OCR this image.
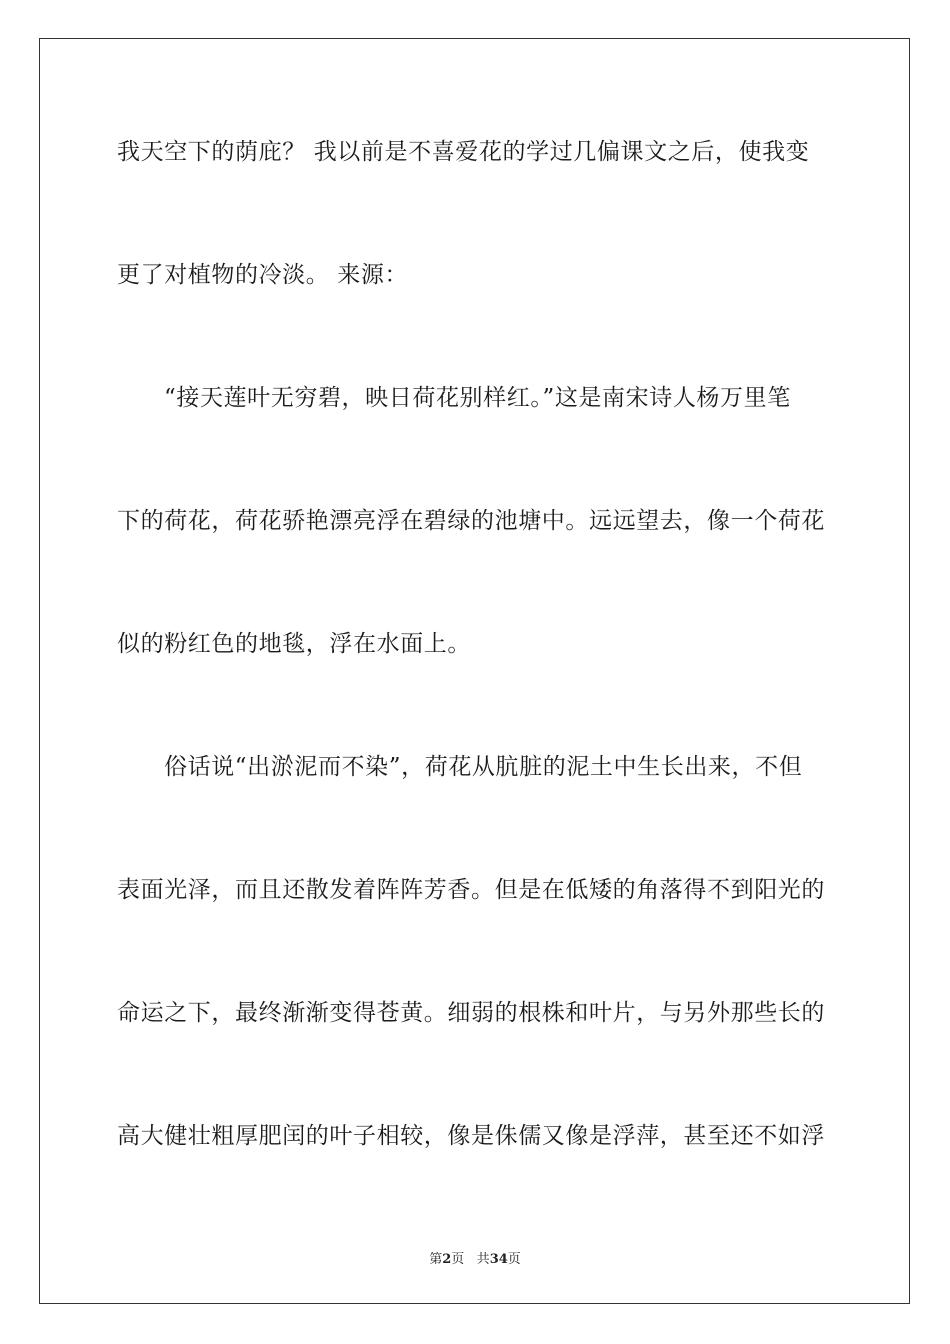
我天空下的荫庇？ 我以前是不喜爱花的学过几偏课文之后，使我变
更了对植物的冷淡。 来源：
“接天莲叶无穷碧，映日荷花别样红。”这是南宋诗人杨万里笔
下的荷花，荷花骄艳漂亮浮在碧绿的池塘中。远远望去，像一个荷花
似的粉红色的地毯，浮在水面上。
俗话说“出淤泥而不染”，荷花从肮脏的泥土中生长出来，不但
表面光泽，而且还散发着阵阵芳香。但是在低矮的角落得不到阳光的
命运之下，最终渐渐变得苍黄。细弱的根株和叶片，与另外那些长的
高大健壮粗厚肥闰的叶子相较，像是侏儒又像是浮萍，甚至还不如浮
第2页 共34页
